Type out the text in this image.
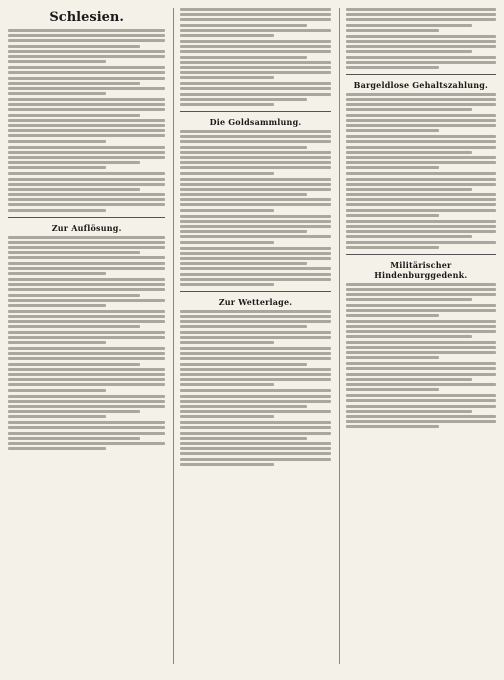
Schlesien.
Zur Auflösung.
Die Goldsammlung.
Zur Wetterlage.
Bargeldlose Gehaltszahlung.
Militärischer Hindenburggedenk.
